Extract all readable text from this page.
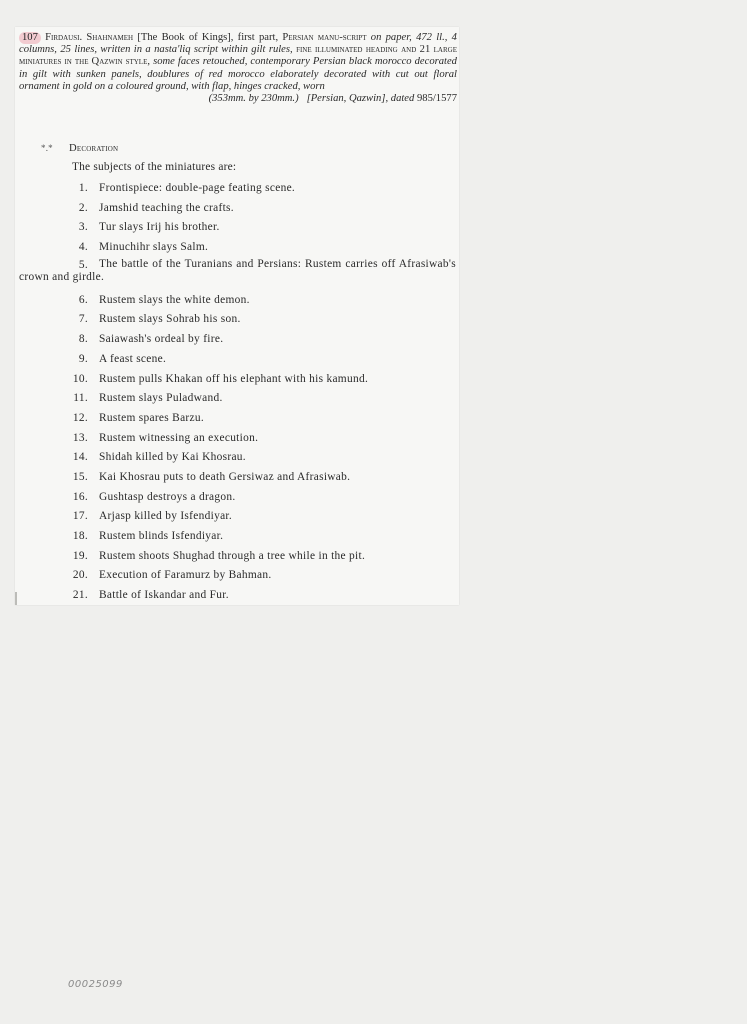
107 Firdausi. Shahnameh [The Book of Kings], first part, Persian manu-script on paper, 472 ll., 4 columns, 25 lines, written in a nasta'liq script within gilt rules, fine illuminated heading and 21 large miniatures in the Qazwin style, some faces retouched, contemporary Persian black morocco decorated in gilt with sunken panels, doublures of red morocco elaborately decorated with cut out floral ornament in gold on a coloured ground, with flap, hinges cracked, worn
(353mm. by 230mm.) [Persian, Qazwin], dated 985/1577
*.* Decoration
The subjects of the miniatures are:
1. Frontispiece: double-page feating scene.
2. Jamshid teaching the crafts.
3. Tur slays Irij his brother.
4. Minuchihr slays Salm.
5. The battle of the Turanians and Persians: Rustem carries off Afrasiwab's crown and girdle.
6. Rustem slays the white demon.
7. Rustem slays Sohrab his son.
8. Saiawash's ordeal by fire.
9. A feast scene.
10. Rustem pulls Khakan off his elephant with his kamund.
11. Rustem slays Puladwand.
12. Rustem spares Barzu.
13. Rustem witnessing an execution.
14. Shidah killed by Kai Khosrau.
15. Kai Khosrau puts to death Gersiwaz and Afrasiwab.
16. Gushtasp destroys a dragon.
17. Arjasp killed by Isfendiyar.
18. Rustem blinds Isfendiyar.
19. Rustem shoots Shughad through a tree while in the pit.
20. Execution of Faramurz by Bahman.
21. Battle of Iskandar and Fur.
00025099
